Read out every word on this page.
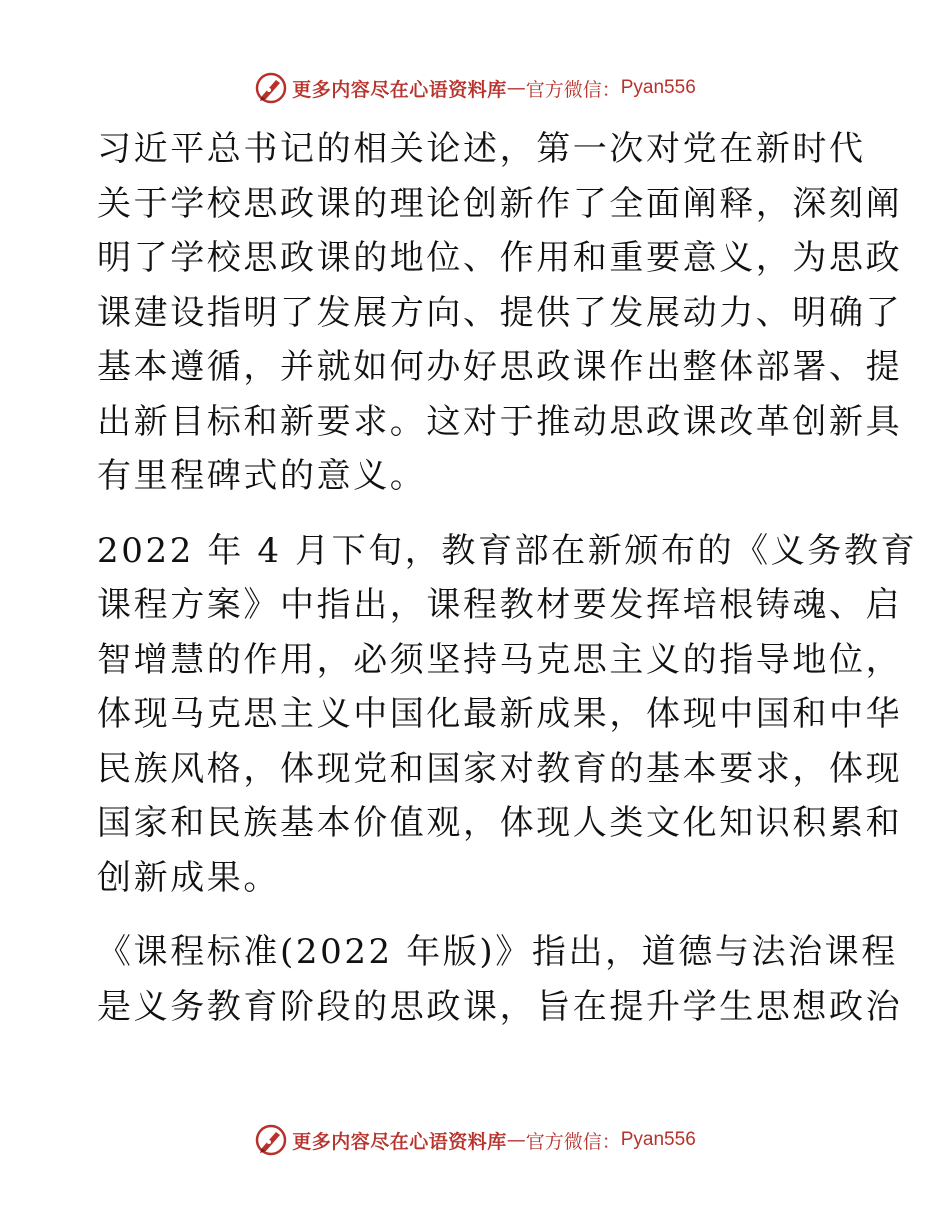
更多内容尽在心语资料库 — 官方微信： Pyan556

习近平总书记的相关论述，第一次对党在新时代
关于学校思政课的理论创新作了全面阐释，深刻阐
明了学校思政课的地位、作用和重要意义，为思政
课建设指明了发展方向、提供了发展动力、明确了
基本遵循，并就如何办好思政课作出整体部署、提
出新目标和新要求。这对于推动思政课改革创新具
有里程碑式的意义。

2022 年 4 月下旬，教育部在新颁布的《义务教育
课程方案》中指出，课程教材要发挥培根铸魂、启
智增慧的作用，必须坚持马克思主义的指导地位，
体现马克思主义中国化最新成果，体现中国和中华
民族风格，体现党和国家对教育的基本要求，体现
国家和民族基本价值观，体现人类文化知识积累和
创新成果。

《课程标准(2022 年版)》指出，道德与法治课程
是义务教育阶段的思政课，旨在提升学生思想政治

更多内容尽在心语资料库 — 官方微信： Pyan556
